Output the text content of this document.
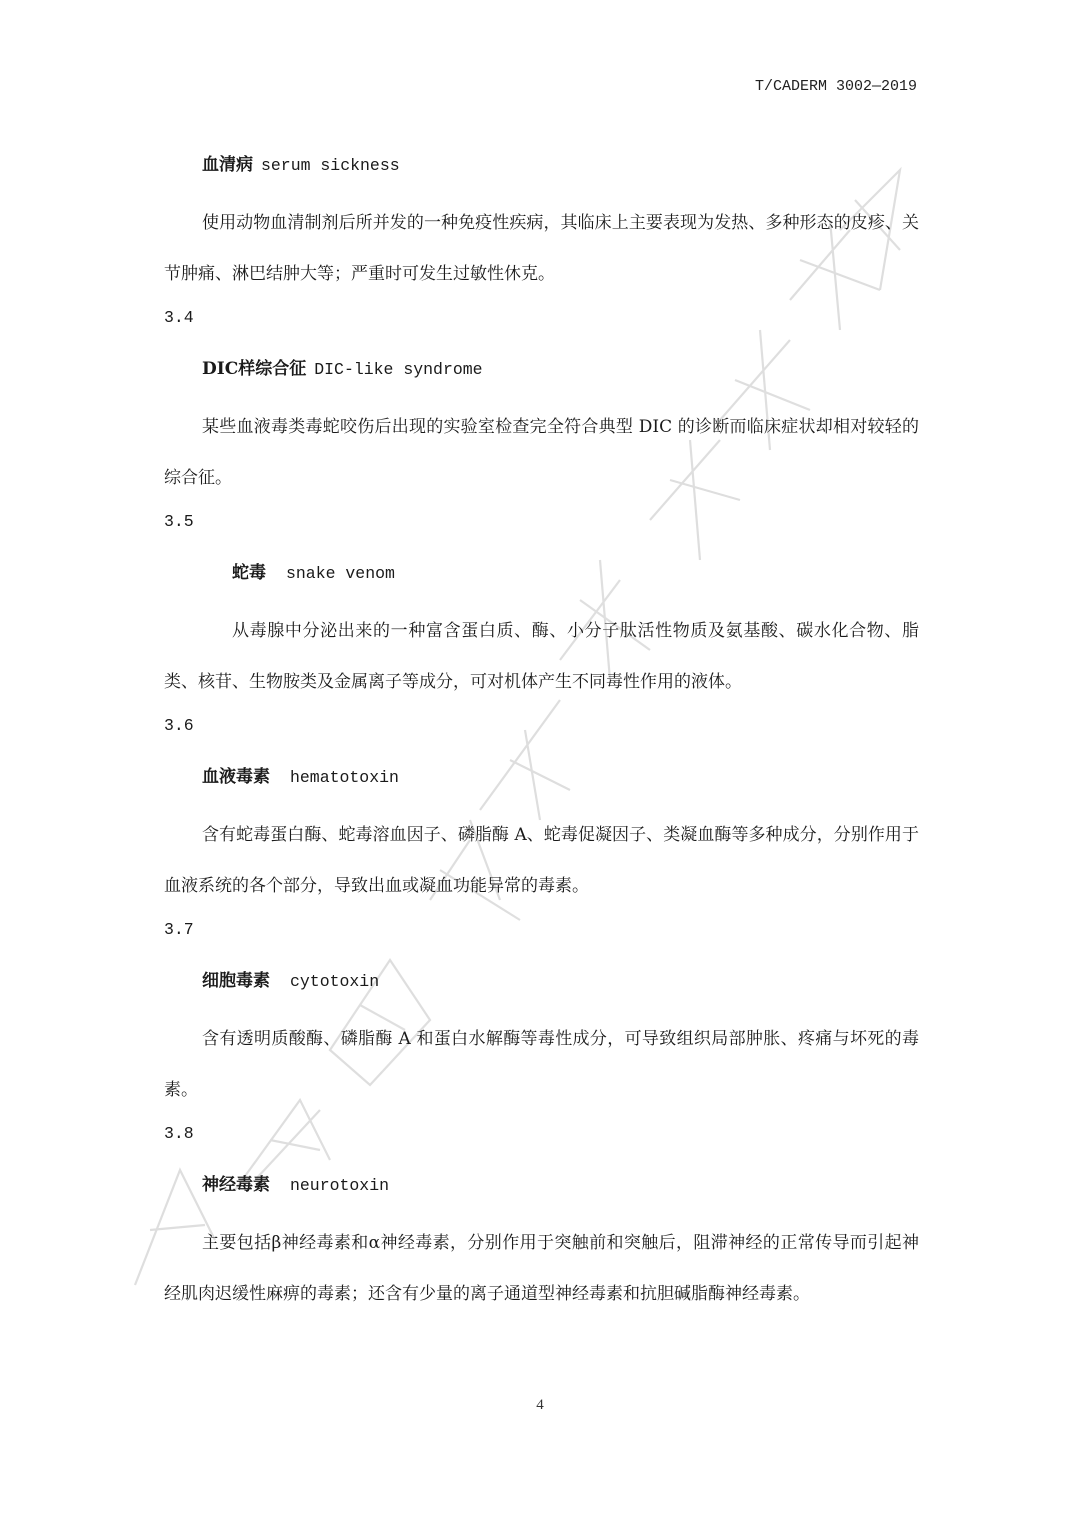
T/CADERM 3002—2019
血清病 serum sickness

使用动物血清制剂后所并发的一种免疫性疾病，其临床上主要表现为发热、多种形态的皮疹、关节肿痛、淋巴结肿大等；严重时可发生过敏性休克。

3.4
DIC样综合征 DIC-like syndrome

某些血液毒类毒蛇咬伤后出现的实验室检查完全符合典型 DIC 的诊断而临床症状却相对较轻的综合征。

3.5
蛇毒 snake venom

从毒腺中分泌出来的一种富含蛋白质、酶、小分子肽活性物质及氨基酸、碳水化合物、脂类、核苷、生物胺类及金属离子等成分，可对机体产生不同毒性作用的液体。

3.6
血液毒素 hematotoxin

含有蛇毒蛋白酶、蛇毒溶血因子、磷脂酶 A、蛇毒促凝因子、类凝血酶等多种成分，分别作用于血液系统的各个部分，导致出血或凝血功能异常的毒素。

3.7
细胞毒素 cytotoxin

含有透明质酸酶、磷脂酶 A 和蛋白水解酶等毒性成分，可导致组织局部肿胀、疼痛与坏死的毒素。

3.8
神经毒素 neurotoxin

主要包括β神经毒素和α神经毒素，分别作用于突触前和突触后，阻滞神经的正常传导而引起神经肌肉迟缓性麻痹的毒素；还含有少量的离子通道型神经毒素和抗胆碱脂酶神经毒素。

4
